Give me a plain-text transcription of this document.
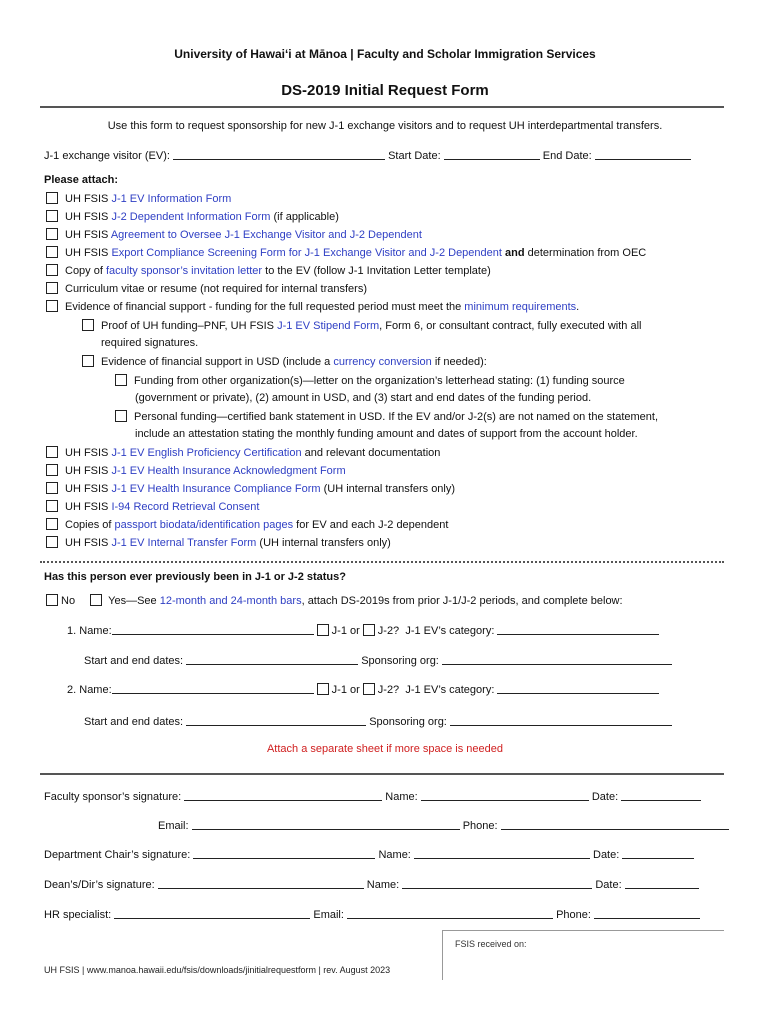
University of Hawai‘i at Mānoa | Faculty and Scholar Immigration Services
DS-2019 Initial Request Form
Use this form to request sponsorship for new J-1 exchange visitors and to request UH interdepartmental transfers.
J-1 exchange visitor (EV):	Start Date:	End Date:
Please attach:
UH FSIS J-1 EV Information Form
UH FSIS J-2 Dependent Information Form (if applicable)
UH FSIS Agreement to Oversee J-1 Exchange Visitor and J-2 Dependent
UH FSIS Export Compliance Screening Form for J-1 Exchange Visitor and J-2 Dependent and determination from OEC
Copy of faculty sponsor’s invitation letter to the EV (follow J-1 Invitation Letter template)
Curriculum vitae or resume (not required for internal transfers)
Evidence of financial support - funding for the full requested period must meet the minimum requirements.
Proof of UH funding–PNF, UH FSIS J-1 EV Stipend Form, Form 6, or consultant contract, fully executed with all
required signatures.
Evidence of financial support in USD (include a currency conversion if needed):
Funding from other organization(s)—letter on the organization’s letterhead stating: (1) funding source
(government or private), (2) amount in USD, and (3) start and end dates of the funding period.
Personal funding—certified bank statement in USD. If the EV and/or J-2(s) are not named on the statement,
include an attestation stating the monthly funding amount and dates of support from the account holder.
UH FSIS J-1 EV English Proficiency Certification and relevant documentation
UH FSIS J-1 EV Health Insurance Acknowledgment Form
UH FSIS J-1 EV Health Insurance Compliance Form (UH internal transfers only)
UH FSIS I-94 Record Retrieval Consent
Copies of passport biodata/identification pages for EV and each J-2 dependent
UH FSIS J-1 EV Internal Transfer Form (UH internal transfers only)
Has this person ever previously been in J-1 or J-2 status?
No	Yes—See 12-month and 24-month bars, attach DS-2019s from prior J-1/J-2 periods, and complete below:
1. Name:	J-1 or J-2? J-1 EV’s category:
Start and end dates:	Sponsoring org:
2. Name:	J-1 or J-2? J-1 EV’s category:
Start and end dates:	Sponsoring org:
Attach a separate sheet if more space is needed
Faculty sponsor’s signature:	Name:	Date:
Email:	Phone:
Department Chair’s signature:	Name:	Date:
Dean’s/Dir’s signature:	Name:	Date:
HR specialist:	Email:	Phone:
FSIS received on:
UH FSIS | www.manoa.hawaii.edu/fsis/downloads/jinitialrequestform | rev. August 2023
